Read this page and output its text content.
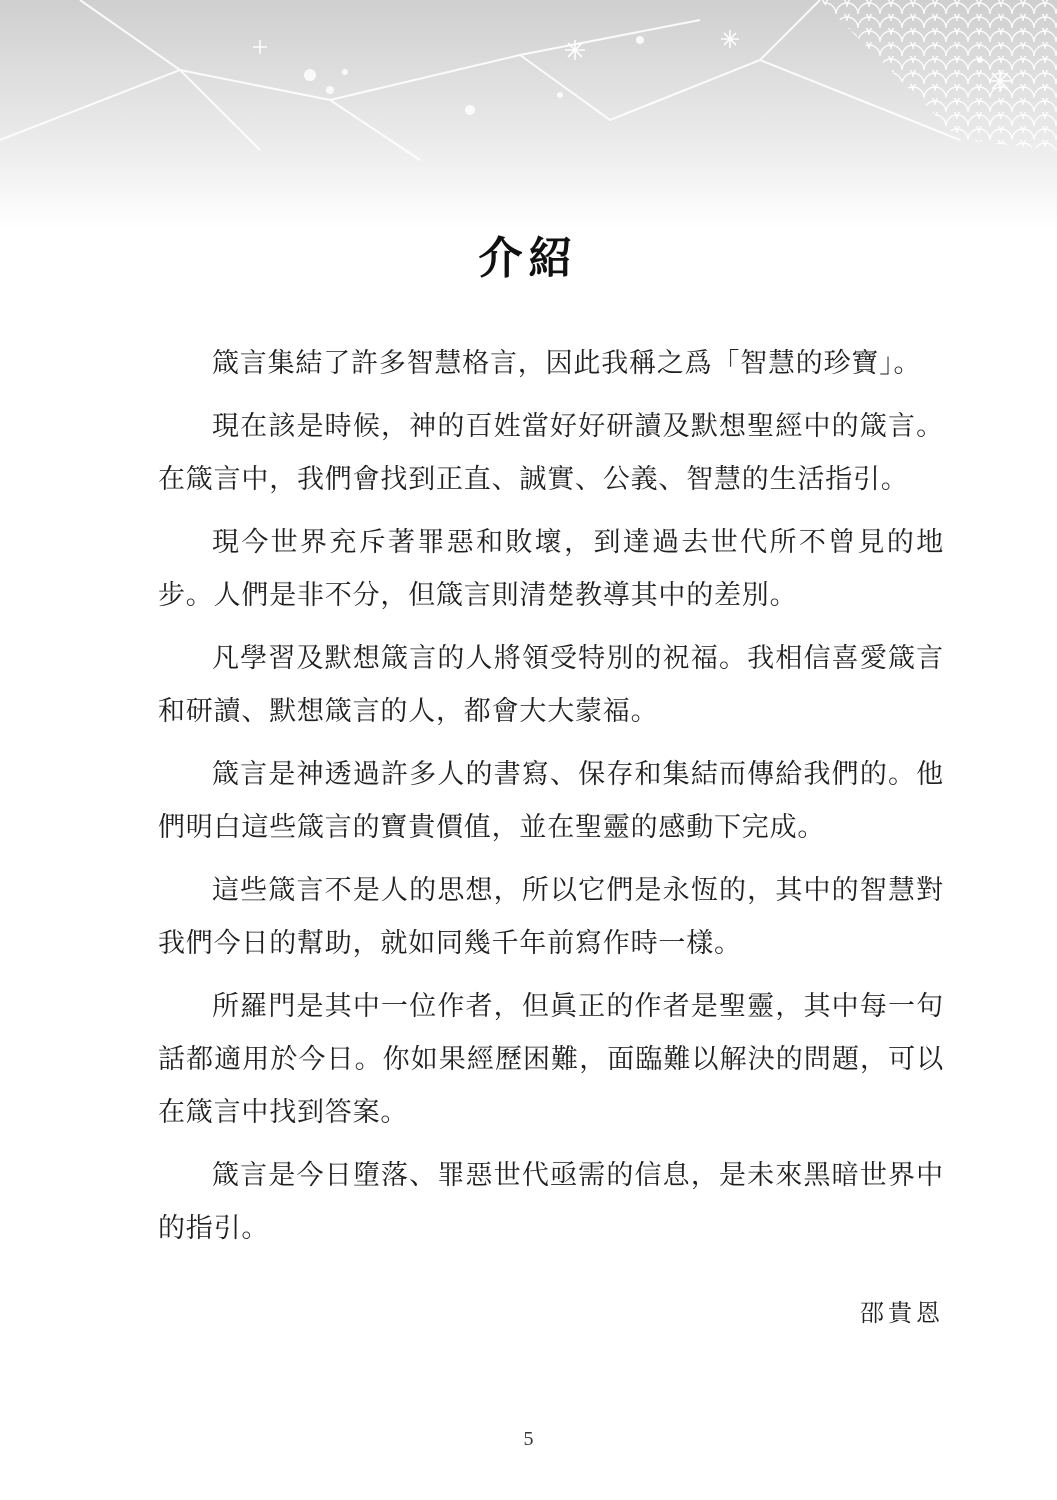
介紹

箴言集結了許多智慧格言，因此我稱之爲「智慧的珍寶」。

現在該是時候，神的百姓當好好研讀及默想聖經中的箴言。在箴言中，我們會找到正直、誠實、公義、智慧的生活指引。

現今世界充斥著罪惡和敗壞，到達過去世代所不曾見的地步。人們是非不分，但箴言則清楚教導其中的差別。

凡學習及默想箴言的人將領受特別的祝福。我相信喜愛箴言和研讀、默想箴言的人，都會大大蒙福。

箴言是神透過許多人的書寫、保存和集結而傳給我們的。他們明白這些箴言的寶貴價值，並在聖靈的感動下完成。

這些箴言不是人的思想，所以它們是永恆的，其中的智慧對我們今日的幫助，就如同幾千年前寫作時一樣。

所羅門是其中一位作者，但眞正的作者是聖靈，其中每一句話都適用於今日。你如果經歷困難，面臨難以解決的問題，可以在箴言中找到答案。

箴言是今日墮落、罪惡世代亟需的信息，是未來黑暗世界中的指引。

邵貴恩
5
